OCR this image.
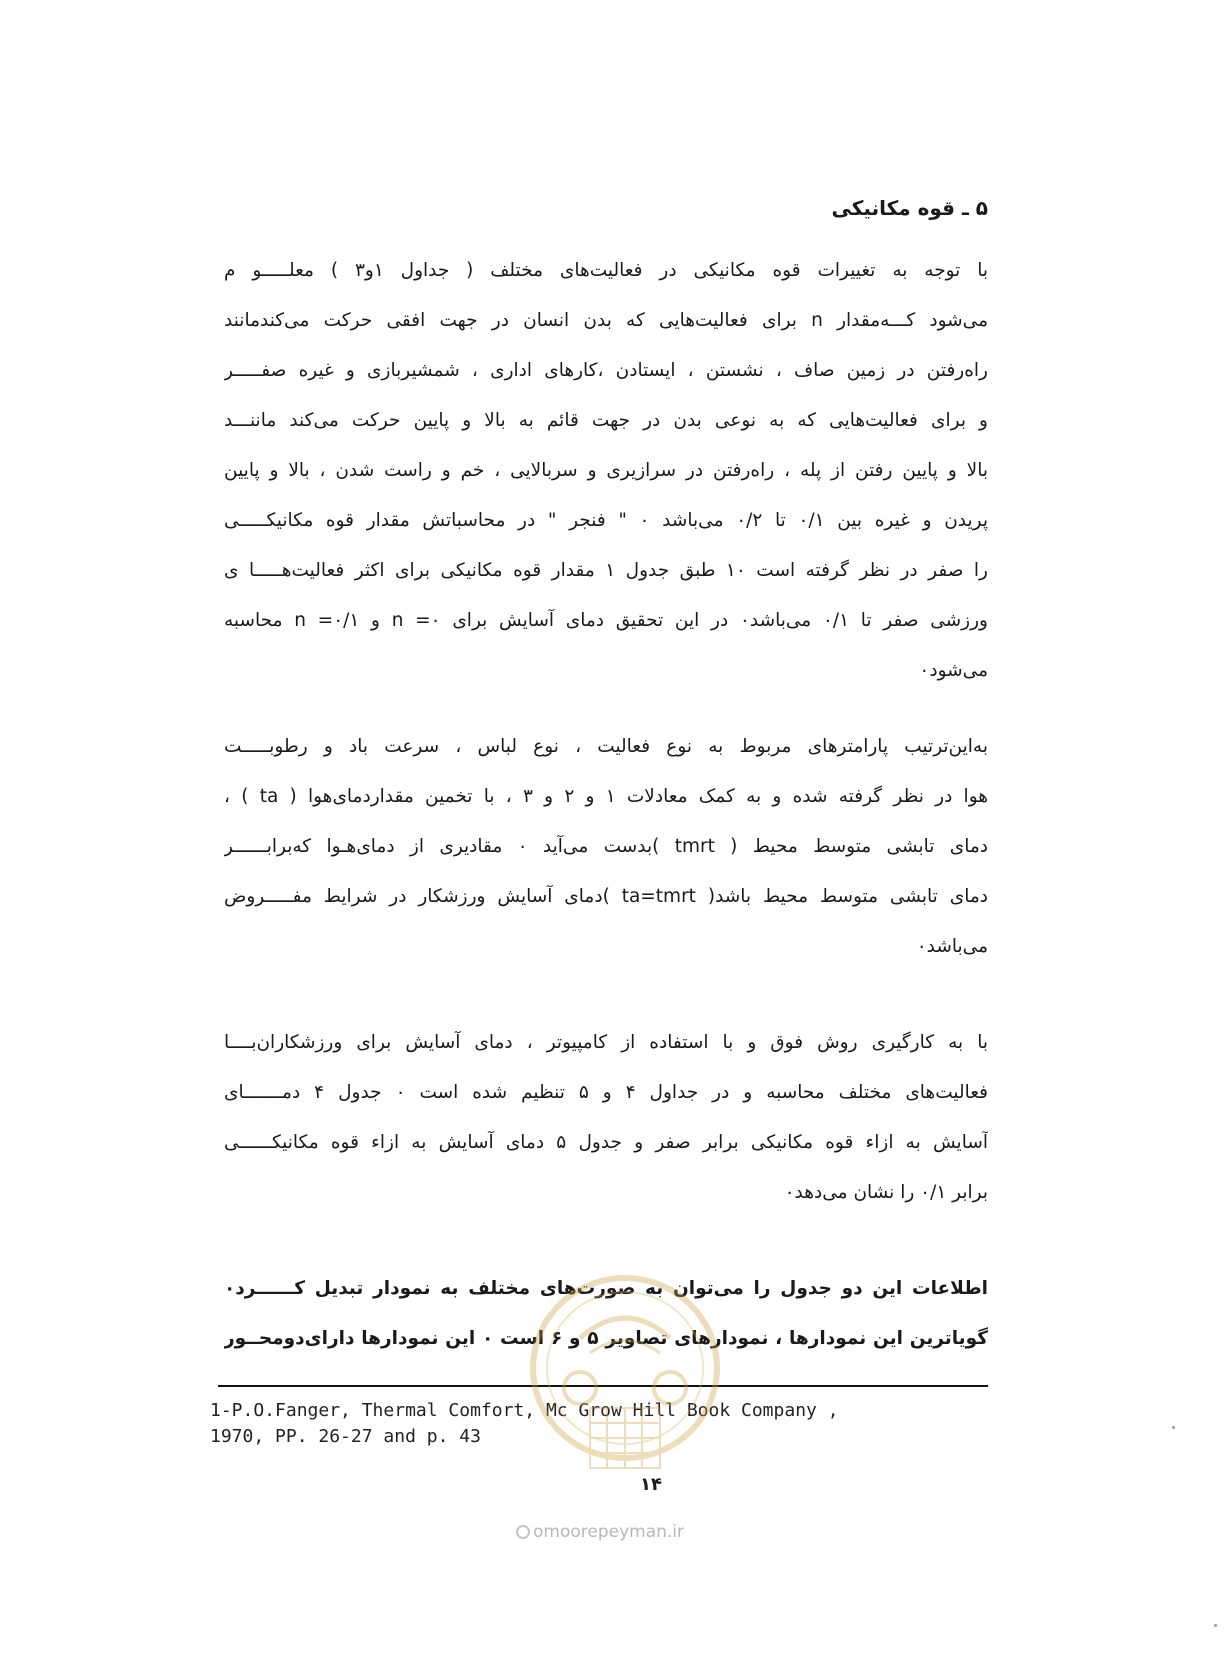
۵ ـ قوه مکانیکی
با توجه به تغییرات قوه مکانیکی در فعالیت‌های مختلف ( جداول ۱و۳ ) معلـــــو م
می‌شود کـــه‌مقدار n برای فعالیت‌هایی که بدن انسان در جهت افقی حرکت می‌کندمانند
راه‌رفتن در زمین صاف ، نشستن ، ایستادن ،کارهای اداری ، شمشیربازی و غیره صفـــــر
و برای فعالیت‌هایی که به نوعی بدن در جهت قائم به بالا و پایین حرکت می‌کند ماننـــد
بالا و پایین رفتن از پله ، راه‌رفتن در سرازیری و سربالایی ، خم و راست شدن ، بالا و پایین
پریدن و غیره بین ۰/۱ تا ۰/۲ می‌باشد ۰ " فنجر " در محاسباتش مقدار قوه مکانیکـــــی
را صفر در نظر گرفته است ۱۰ طبق جدول ۱ مقدار قوه مکانیکی برای اکثر فعالیت‌هـــــا ی
ورزشی صفر تا ۰/۱ می‌باشد۰ در این تحقیق دمای آسایش برای ۰= n و ۰/۱= n محاسبه
می‌شود۰
به‌این‌ترتیب پارامترهای مربوط به نوع فعالیت ، نوع لباس ، سرعت باد و رطوبـــــت
هوا در نظر گرفته شده و به کمک معادلات ۱ و ۲ و ۳ ، با تخمین مقداردمای‌هوا ( ta ) ،
دمای تابشی متوسط محیط ( tmrt )بدست می‌آید ۰ مقادیری از دمای‌هـوا که‌برابــــــر
دمای تابشی متوسط محیط باشد( ta=tmrt )دمای آسایش ورزشکار در شرایط مفـــــروض
می‌باشد۰
با به کارگیری روش فوق و با استفاده از کامپیوتر ، دمای آسایش برای ورزشکاران‌بــــا
فعالیت‌های مختلف محاسبه و در جداول ۴ و ۵ تنظیم شده است ۰ جدول ۴ دمـــــــای
آسایش به ازاء قوه مکانیکی برابر صفر و جدول ۵ دمای آسایش به ازاء قوه مکانیکــــــی
برابر ۰/۱ را نشان می‌دهد۰
اطلاعات این دو جدول را می‌توان به صورت‌های مختلف به نمودار تبدیل کــــــرد۰
گویاترین این نمودارها ، نمودارهای تصاویر ۵ و ۶ است ۰ این نمودارها دارای‌دومحــور
1-P.O.Fanger, Thermal Comfort, Mc Grow Hill Book Company ,
1970, PP. 26-27 and p. 43
۱۴
omoorepeyman.ir
